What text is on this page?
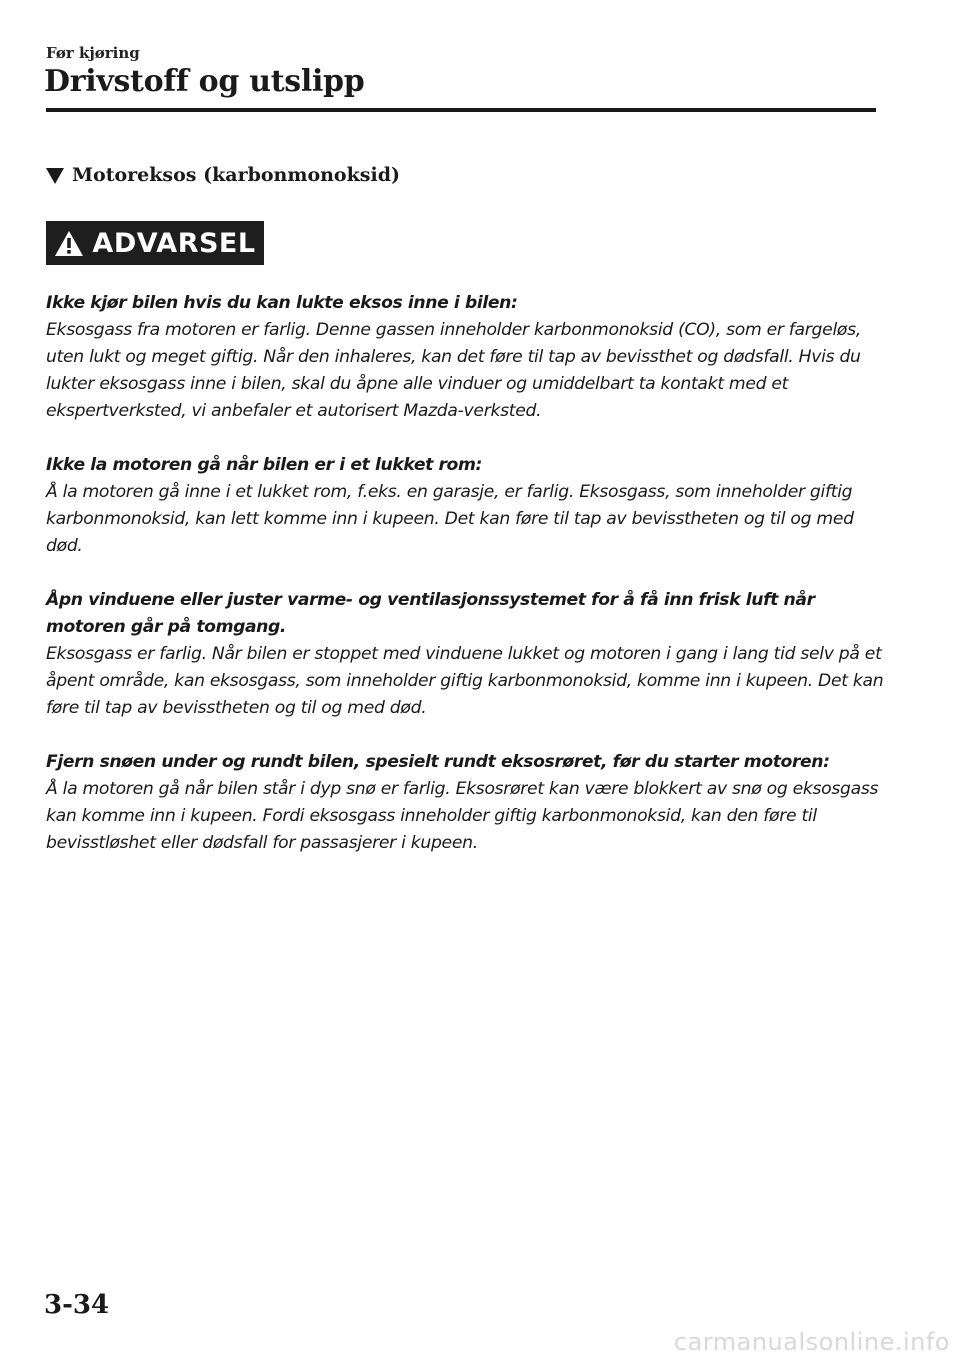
Før kjøring
Drivstoff og utslipp
Motoreksos (karbonmonoksid)
ADVARSEL
Ikke kjør bilen hvis du kan lukte eksos inne i bilen:
Eksosgass fra motoren er farlig. Denne gassen inneholder karbonmonoksid (CO), som er fargeløs, uten lukt og meget giftig. Når den inhaleres, kan det føre til tap av bevissthet og dødsfall. Hvis du lukter eksosgass inne i bilen, skal du åpne alle vinduer og umiddelbart ta kontakt med et ekspertverksted, vi anbefaler et autorisert Mazda-verksted.
Ikke la motoren gå når bilen er i et lukket rom:
Å la motoren gå inne i et lukket rom, f.eks. en garasje, er farlig. Eksosgass, som inneholder giftig karbonmonoksid, kan lett komme inn i kupeen. Det kan føre til tap av bevisstheten og til og med død.
Åpn vinduene eller juster varme- og ventilasjonssystemet for å få inn frisk luft når motoren går på tomgang.
Eksosgass er farlig. Når bilen er stoppet med vinduene lukket og motoren i gang i lang tid selv på et åpent område, kan eksosgass, som inneholder giftig karbonmonoksid, komme inn i kupeen. Det kan føre til tap av bevisstheten og til og med død.
Fjern snøen under og rundt bilen, spesielt rundt eksosrøret, før du starter motoren:
Å la motoren gå når bilen står i dyp snø er farlig. Eksosrøret kan være blokkert av snø og eksosgass kan komme inn i kupeen. Fordi eksosgass inneholder giftig karbonmonoksid, kan den føre til bevisstløshet eller dødsfall for passasjerer i kupeen.
3-34
carmanualsonline.info
